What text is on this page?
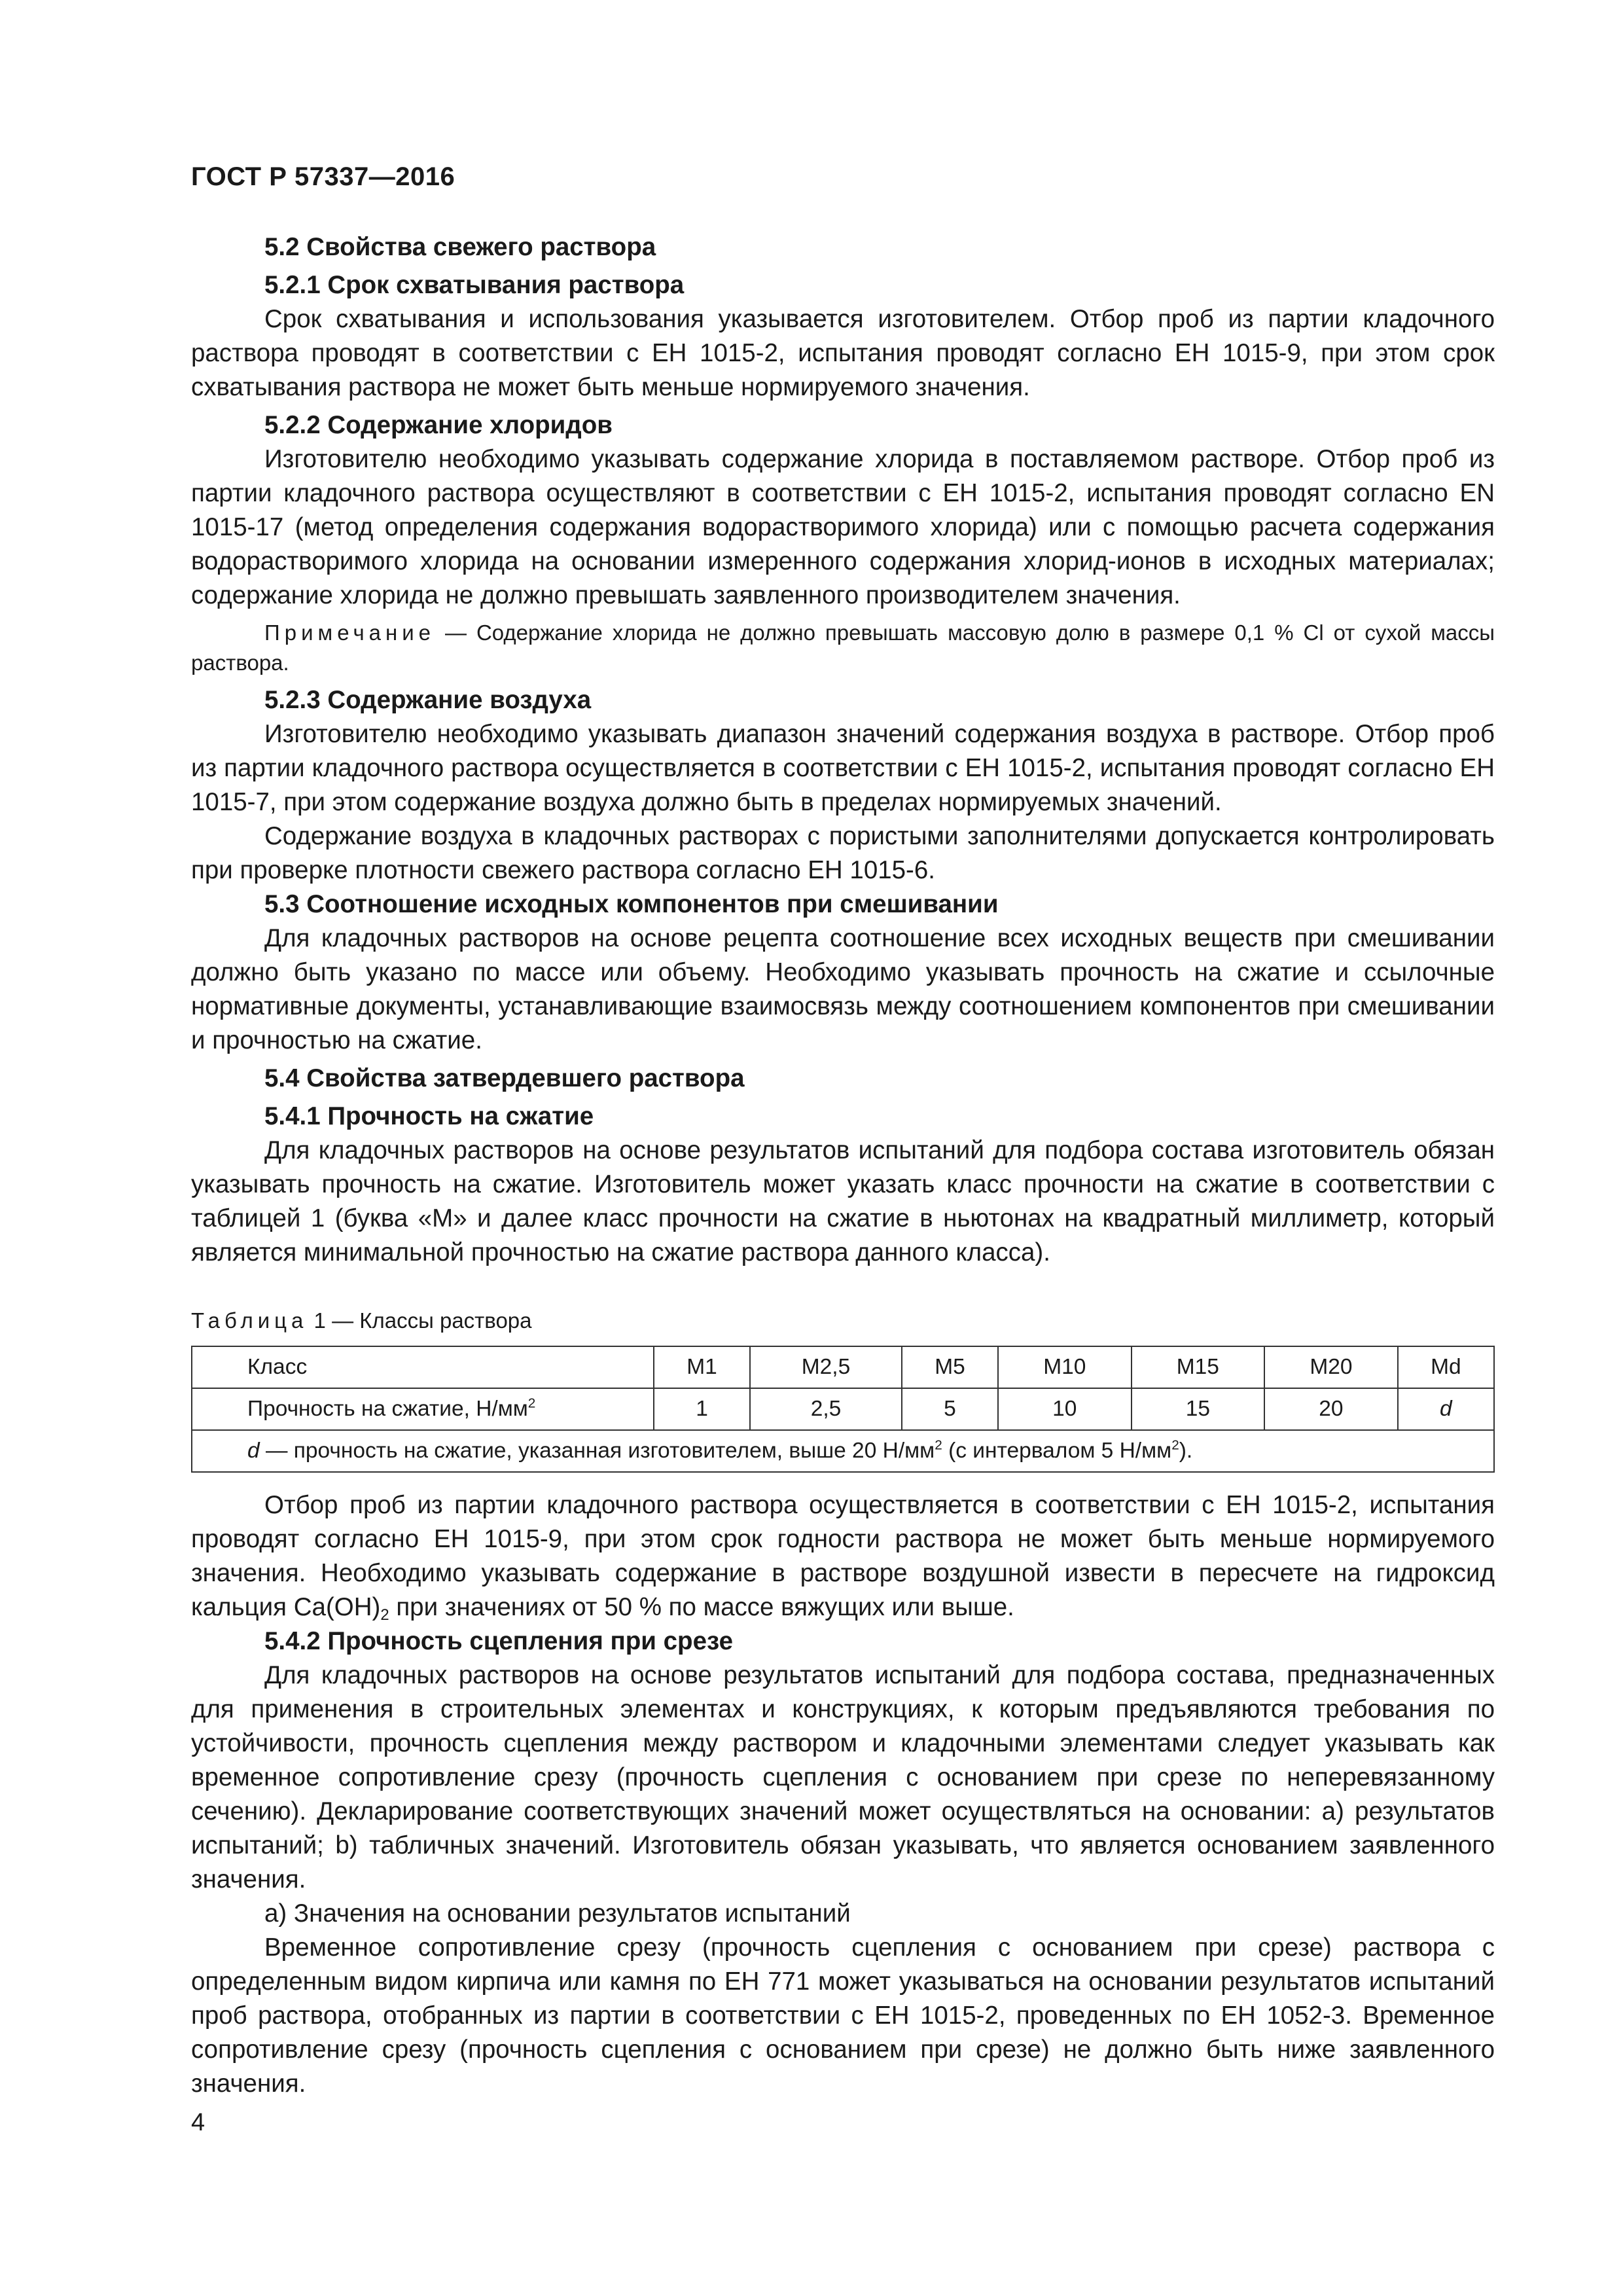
ГОСТ Р 57337—2016

5.2 Свойства свежего раствора

5.2.1 Срок схватывания раствора

Срок схватывания и использования указывается изготовителем. Отбор проб из партии кладочного раствора проводят в соответствии с ЕН 1015-2, испытания проводят согласно ЕН 1015-9, при этом срок схватывания раствора не может быть меньше нормируемого значения.

5.2.2 Содержание хлоридов

Изготовителю необходимо указывать содержание хлорида в поставляемом растворе. Отбор проб из партии кладочного раствора осуществляют в соответствии с ЕН 1015-2, испытания проводят согласно EN 1015-17 (метод определения содержания водорастворимого хлорида) или с помощью расчета содержания водорастворимого хлорида на основании измеренного содержания хлорид-ионов в исходных материалах; содержание хлорида не должно превышать заявленного производителем значения.

Примечание — Содержание хлорида не должно превышать массовую долю в размере 0,1 % Cl от сухой массы раствора.

5.2.3 Содержание воздуха

Изготовителю необходимо указывать диапазон значений содержания воздуха в растворе. Отбор проб из партии кладочного раствора осуществляется в соответствии с ЕН 1015-2, испытания проводят согласно ЕН 1015-7, при этом содержание воздуха должно быть в пределах нормируемых значений.

Содержание воздуха в кладочных растворах с пористыми заполнителями допускается контролировать при проверке плотности свежего раствора согласно ЕН 1015-6.

5.3 Соотношение исходных компонентов при смешивании

Для кладочных растворов на основе рецепта соотношение всех исходных веществ при смешивании должно быть указано по массе или объему. Необходимо указывать прочность на сжатие и ссылочные нормативные документы, устанавливающие взаимосвязь между соотношением компонентов при смешивании и прочностью на сжатие.

5.4 Свойства затвердевшего раствора

5.4.1 Прочность на сжатие

Для кладочных растворов на основе результатов испытаний для подбора состава изготовитель обязан указывать прочность на сжатие. Изготовитель может указать класс прочности на сжатие в соответствии с таблицей 1 (буква «М» и далее класс прочности на сжатие в ньютонах на квадратный миллиметр, который является минимальной прочностью на сжатие раствора данного класса).

Таблица 1 — Классы раствора

Класс	M1	M2,5	M5	M10	M15	M20	Md
Прочность на сжатие, $Н/мм^2$	1	2,5	5	10	15	20	d
d — прочность на сжатие, указанная изготовителем, выше 20 $Н/мм^2$ (с интервалом 5 $Н/мм^2$).							

Отбор проб из партии кладочного раствора осуществляется в соответствии с ЕН 1015-2, испытания проводят согласно ЕН 1015-9, при этом срок годности раствора не может быть меньше нормируемого значения. Необходимо указывать содержание в растворе воздушной извести в пересчете на гидроксид кальция $Ca(OH)_2$ при значениях от 50 % по массе вяжущих или выше.

5.4.2 Прочность сцепления при срезе

Для кладочных растворов на основе результатов испытаний для подбора состава, предназначенных для применения в строительных элементах и конструкциях, к которым предъявляются требования по устойчивости, прочность сцепления между раствором и кладочными элементами следует указывать как временное сопротивление срезу (прочность сцепления с основанием при срезе по неперевязанному сечению). Декларирование соответствующих значений может осуществляться на основании: а) результатов испытаний; b) табличных значений. Изготовитель обязан указывать, что является основанием заявленного значения.

а) Значения на основании результатов испытаний

Временное сопротивление срезу (прочность сцепления с основанием при срезе) раствора с определенным видом кирпича или камня по ЕН 771 может указываться на основании результатов испытаний проб раствора, отобранных из партии в соответствии с ЕН 1015-2, проведенных по ЕН 1052-3. Временное сопротивление срезу (прочность сцепления с основанием при срезе) не должно быть ниже заявленного значения.

4
